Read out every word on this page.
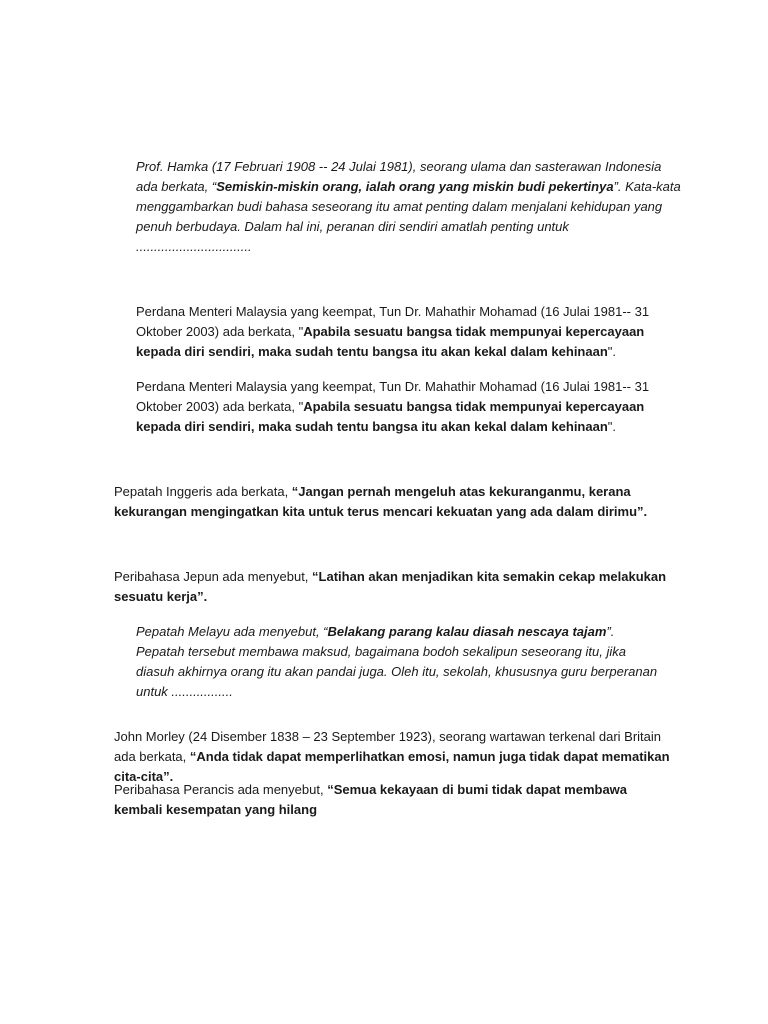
Prof. Hamka (17 Februari 1908 -- 24 Julai 1981), seorang ulama dan sasterawan Indonesia ada berkata, “Semiskin-miskin orang, ialah orang yang miskin budi pekertinya”. Kata-kata menggambarkan budi bahasa seseorang itu amat penting dalam menjalani kehidupan yang penuh berbudaya. Dalam hal ini, peranan diri sendiri amatlah penting untuk ................................

Perdana Menteri Malaysia yang keempat, Tun Dr. Mahathir Mohamad (16 Julai 1981-- 31 Oktober 2003) ada berkata, "Apabila sesuatu bangsa tidak mempunyai kepercayaan kepada diri sendiri, maka sudah tentu bangsa itu akan kekal dalam kehinaan".

Perdana Menteri Malaysia yang keempat, Tun Dr. Mahathir Mohamad (16 Julai 1981-- 31 Oktober 2003) ada berkata, "Apabila sesuatu bangsa tidak mempunyai kepercayaan kepada diri sendiri, maka sudah tentu bangsa itu akan kekal dalam kehinaan".

Pepatah Inggeris ada berkata, “Jangan pernah mengeluh atas kekuranganmu, kerana kekurangan mengingatkan kita untuk terus mencari kekuatan yang ada dalam dirimu”.

Peribahasa Jepun ada menyebut, “Latihan akan menjadikan kita semakin cekap melakukan sesuatu kerja”.

Pepatah Melayu ada menyebut, “Belakang parang kalau diasah nescaya tajam”. Pepatah tersebut membawa maksud, bagaimana bodoh sekalipun seseorang itu, jika diasuh akhirnya orang itu akan pandai juga. Oleh itu, sekolah, khususnya guru berperanan untuk .................

John Morley (24 Disember 1838 – 23 September 1923), seorang wartawan terkenal dari Britain ada berkata, “Anda tidak dapat memperlihatkan emosi, namun juga tidak dapat mematikan cita-cita”.

Peribahasa Perancis ada menyebut, “Semua kekayaan di bumi tidak dapat membawa kembali kesempatan yang hilang
